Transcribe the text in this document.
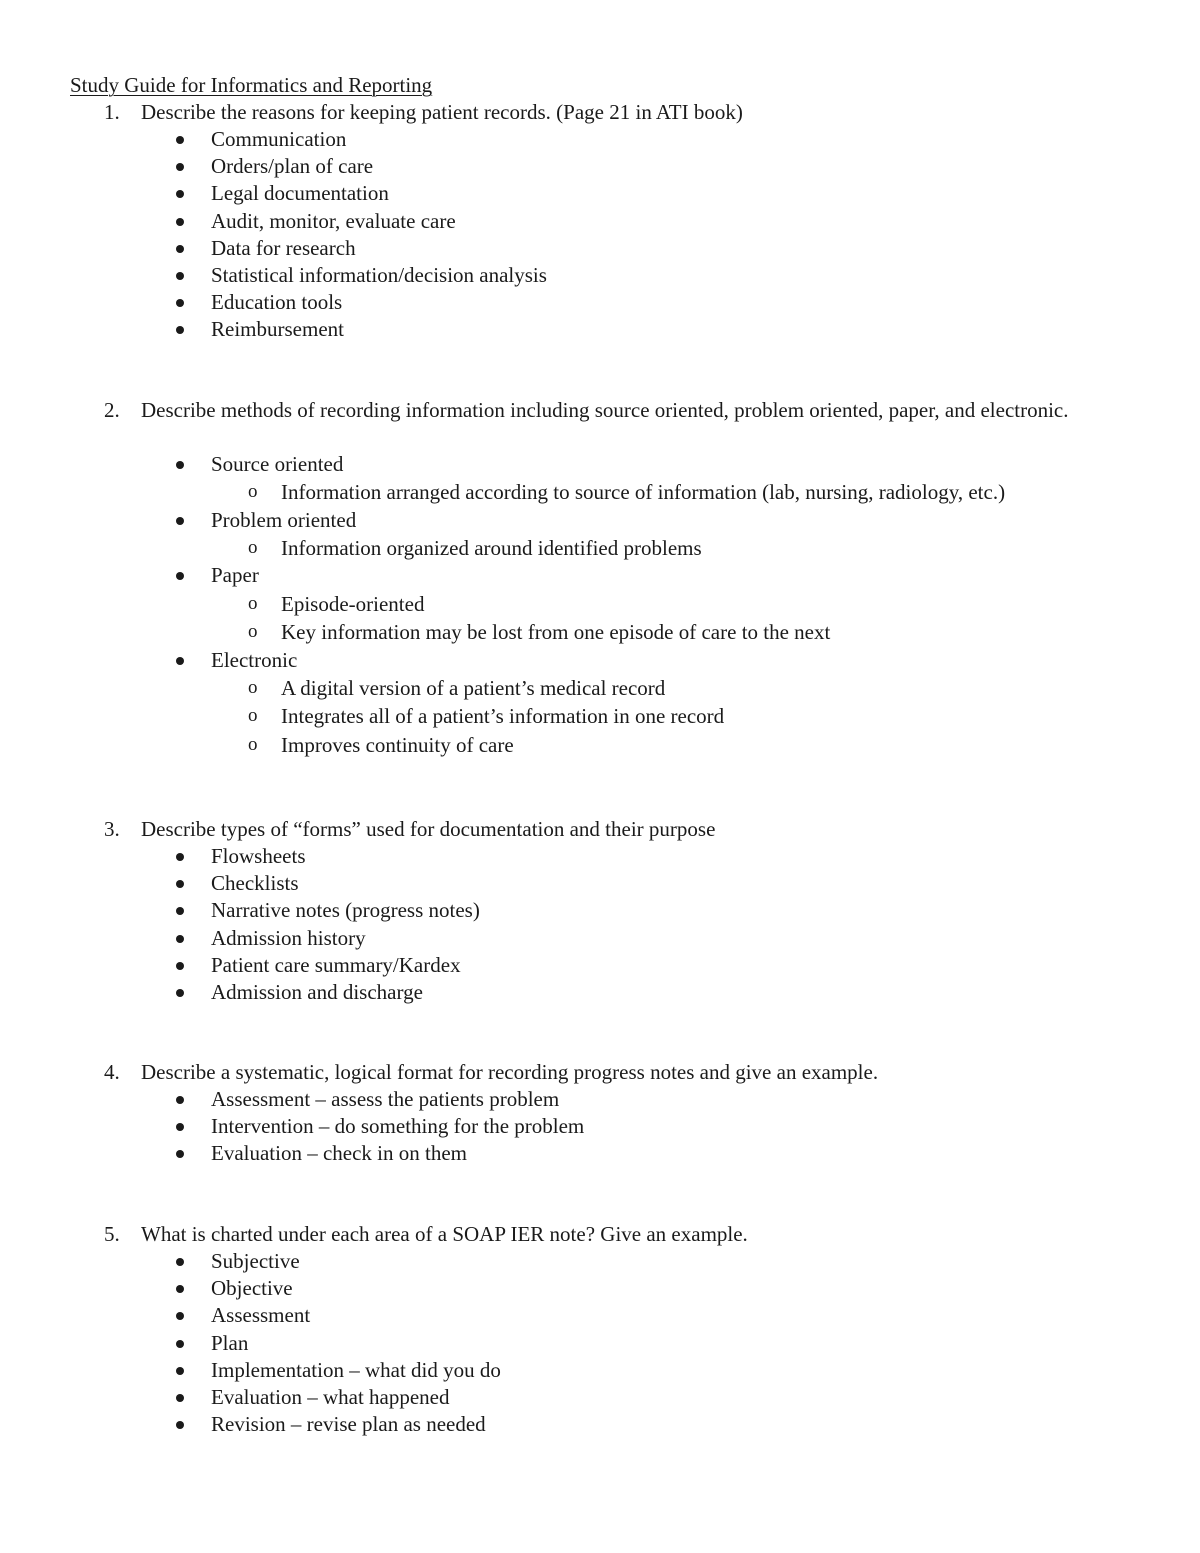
Study Guide for Informatics and Reporting
1. Describe the reasons for keeping patient records. (Page 21 in ATI book)
Communication
Orders/plan of care
Legal documentation
Audit, monitor, evaluate care
Data for research
Statistical information/decision analysis
Education tools
Reimbursement
2. Describe methods of recording information including source oriented, problem oriented, paper, and electronic.
Source oriented
o Information arranged according to source of information (lab, nursing, radiology, etc.)
Problem oriented
o Information organized around identified problems
Paper
o Episode-oriented
o Key information may be lost from one episode of care to the next
Electronic
o A digital version of a patient’s medical record
o Integrates all of a patient’s information in one record
o Improves continuity of care
3. Describe types of “forms” used for documentation and their purpose
Flowsheets
Checklists
Narrative notes (progress notes)
Admission history
Patient care summary/Kardex
Admission and discharge
4. Describe a systematic, logical format for recording progress notes and give an example.
Assessment – assess the patients problem
Intervention – do something for the problem
Evaluation – check in on them
5. What is charted under each area of a SOAP IER note? Give an example.
Subjective
Objective
Assessment
Plan
Implementation – what did you do
Evaluation – what happened
Revision – revise plan as needed
